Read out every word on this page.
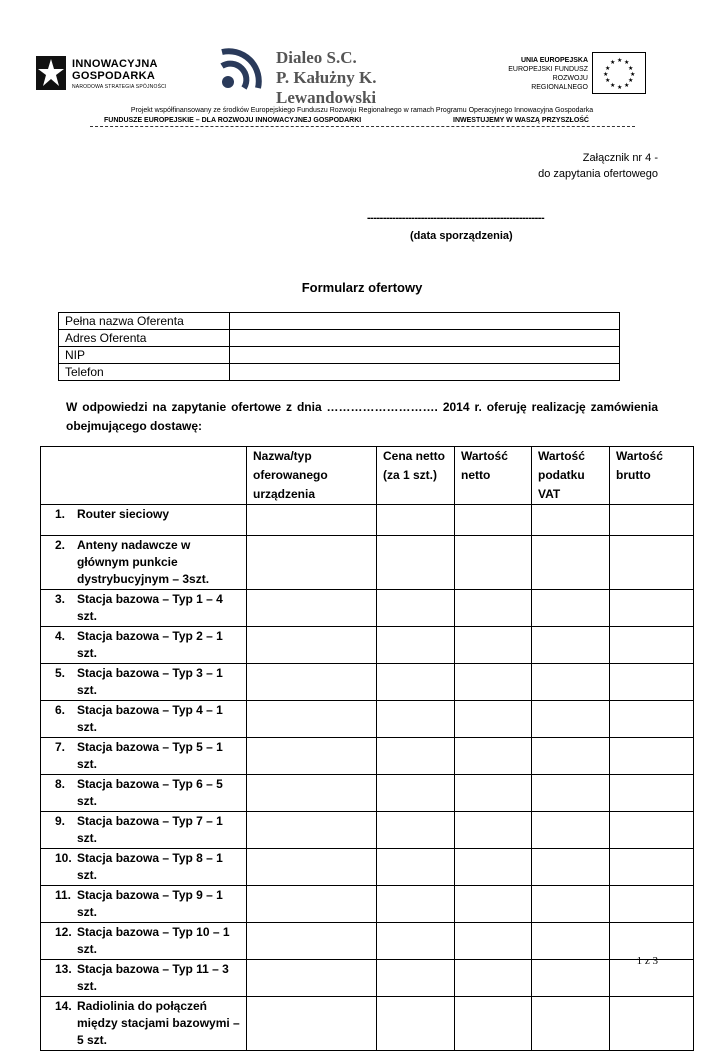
INNOWACYJNA
GOSPODARKA
NARODOWA STRATEGIA SPÓJNOŚCI
Dialeo S.C.
P. Kałużny K. Lewandowski
UNIA EUROPEJSKA
EUROPEJSKI FUNDUSZ
ROZWOJU REGIONALNEGO
★ ★
★
★
★
★
★
★
★
★
★
★
Projekt współfinansowany ze środków Europejskiego Funduszu Rozwoju Regionalnego w ramach Programu Operacyjnego Innowacyjna Gospodarka
FUNDUSZE EUROPEJSKIE – DLA ROZWOJU INNOWACYJNEJ GOSPODARKI	INWESTUJEMY W WASZĄ PRZYSZŁOŚĆ
Załącznik nr 4 -
do zapytania ofertowego
--------------------------------------------------------
(data sporządzenia)
Formularz ofertowy
Pełna nazwa Oferenta	
Adres Oferenta	
NIP	
Telefon	
W odpowiedzi na zapytanie ofertowe z dnia ………………………. 2014 r. oferuję realizację zamówienia obejmującego dostawę:
	Nazwa/typ oferowanego urządzenia	Cena netto (za 1 szt.)	Wartość netto	Wartość podatku VAT	Wartość brutto

1. Router sieciowy					

2. Anteny nadawcze w głównym punkcie dystrybucyjnym – 3szt.					

3. Stacja bazowa – Typ 1 – 4 szt.					

4. Stacja bazowa – Typ 2 – 1 szt.					

5. Stacja bazowa – Typ 3 – 1 szt.					

6. Stacja bazowa – Typ 4 – 1 szt.					

7. Stacja bazowa – Typ 5 – 1 szt.					

8. Stacja bazowa – Typ 6 – 5 szt.					

9. Stacja bazowa – Typ 7 – 1 szt.					

10. Stacja bazowa – Typ 8 – 1 szt.					

11. Stacja bazowa – Typ 9 – 1 szt.					

12. Stacja bazowa – Typ 10 – 1 szt.					

13. Stacja bazowa – Typ 11 – 3 szt.					

14. Radiolinia do połączeń między stacjami bazowymi – 5 szt.					

1 z 3
